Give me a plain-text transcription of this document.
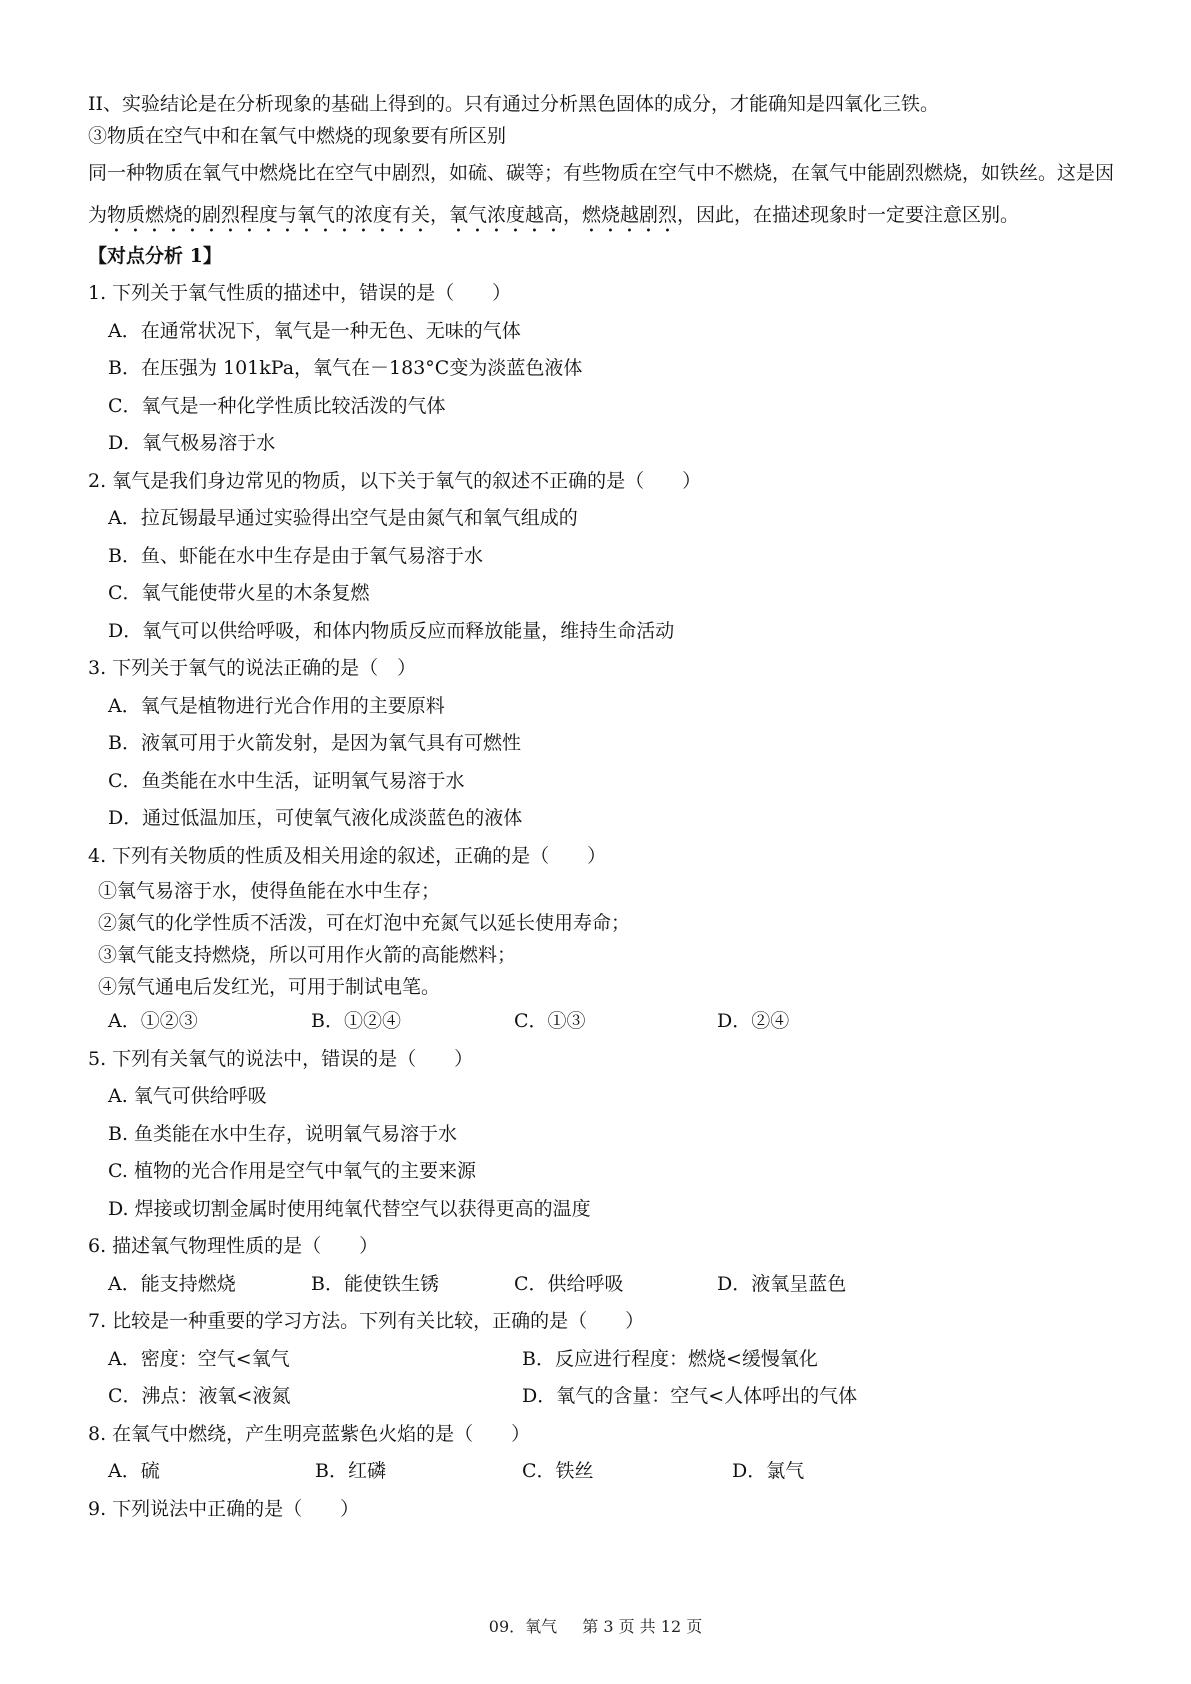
II、实验结论是在分析现象的基础上得到的。只有通过分析黑色固体的成分，才能确知是四氧化三铁。
③物质在空气中和在氧气中燃烧的现象要有所区别
同一种物质在氧气中燃烧比在空气中剧烈，如硫、碳等；有些物质在空气中不燃烧，在氧气中能剧烈燃烧，如铁丝。这是因为物质燃烧的剧烈程度与氧气的浓度有关，氧气浓度越高，燃烧越剧烈，因此，在描述现象时一定要注意区别。
【对点分析 1】
1. 下列关于氧气性质的描述中，错误的是（　　）
A．在通常状况下，氧气是一种无色、无味的气体
B．在压强为 101kPa，氧气在－183°C变为淡蓝色液体
C．氧气是一种化学性质比较活泼的气体
D．氧气极易溶于水
2. 氧气是我们身边常见的物质，以下关于氧气的叙述不正确的是（　　）
A．拉瓦锡最早通过实验得出空气是由氮气和氧气组成的
B．鱼、虾能在水中生存是由于氧气易溶于水
C．氧气能使带火星的木条复燃
D．氧气可以供给呼吸，和体内物质反应而释放能量，维持生命活动
3. 下列关于氧气的说法正确的是（　）
A．氧气是植物进行光合作用的主要原料
B．液氧可用于火箭发射，是因为氧气具有可燃性
C．鱼类能在水中生活，证明氧气易溶于水
D．通过低温加压，可使氧气液化成淡蓝色的液体
4. 下列有关物质的性质及相关用途的叙述，正确的是（　　）
①氧气易溶于水，使得鱼能在水中生存；
②氮气的化学性质不活泼，可在灯泡中充氮气以延长使用寿命；
③氧气能支持燃烧，所以可用作火箭的高能燃料；
④氖气通电后发红光，可用于制试电笔。
A．①②③	B．①②④	C．①③	D．②④
5. 下列有关氧气的说法中，错误的是（　　）
A. 氧气可供给呼吸
B. 鱼类能在水中生存，说明氧气易溶于水
C. 植物的光合作用是空气中氧气的主要来源
D. 焊接或切割金属时使用纯氧代替空气以获得更高的温度
6. 描述氧气物理性质的是（　　）
A．能支持燃烧	B．能使铁生锈	C．供给呼吸	D．液氧呈蓝色
7. 比较是一种重要的学习方法。下列有关比较，正确的是（　　）
A．密度：空气<氧气	B．反应进行程度：燃烧<缓慢氧化
C．沸点：液氧<液氮	D．氧气的含量：空气<人体呼出的气体
8. 在氧气中燃绕，产生明亮蓝紫色火焰的是（　　）
A．硫	B．红磷	C．铁丝	D．氯气
9. 下列说法中正确的是（　　）
09．氧气 第 3 页 共 12 页
